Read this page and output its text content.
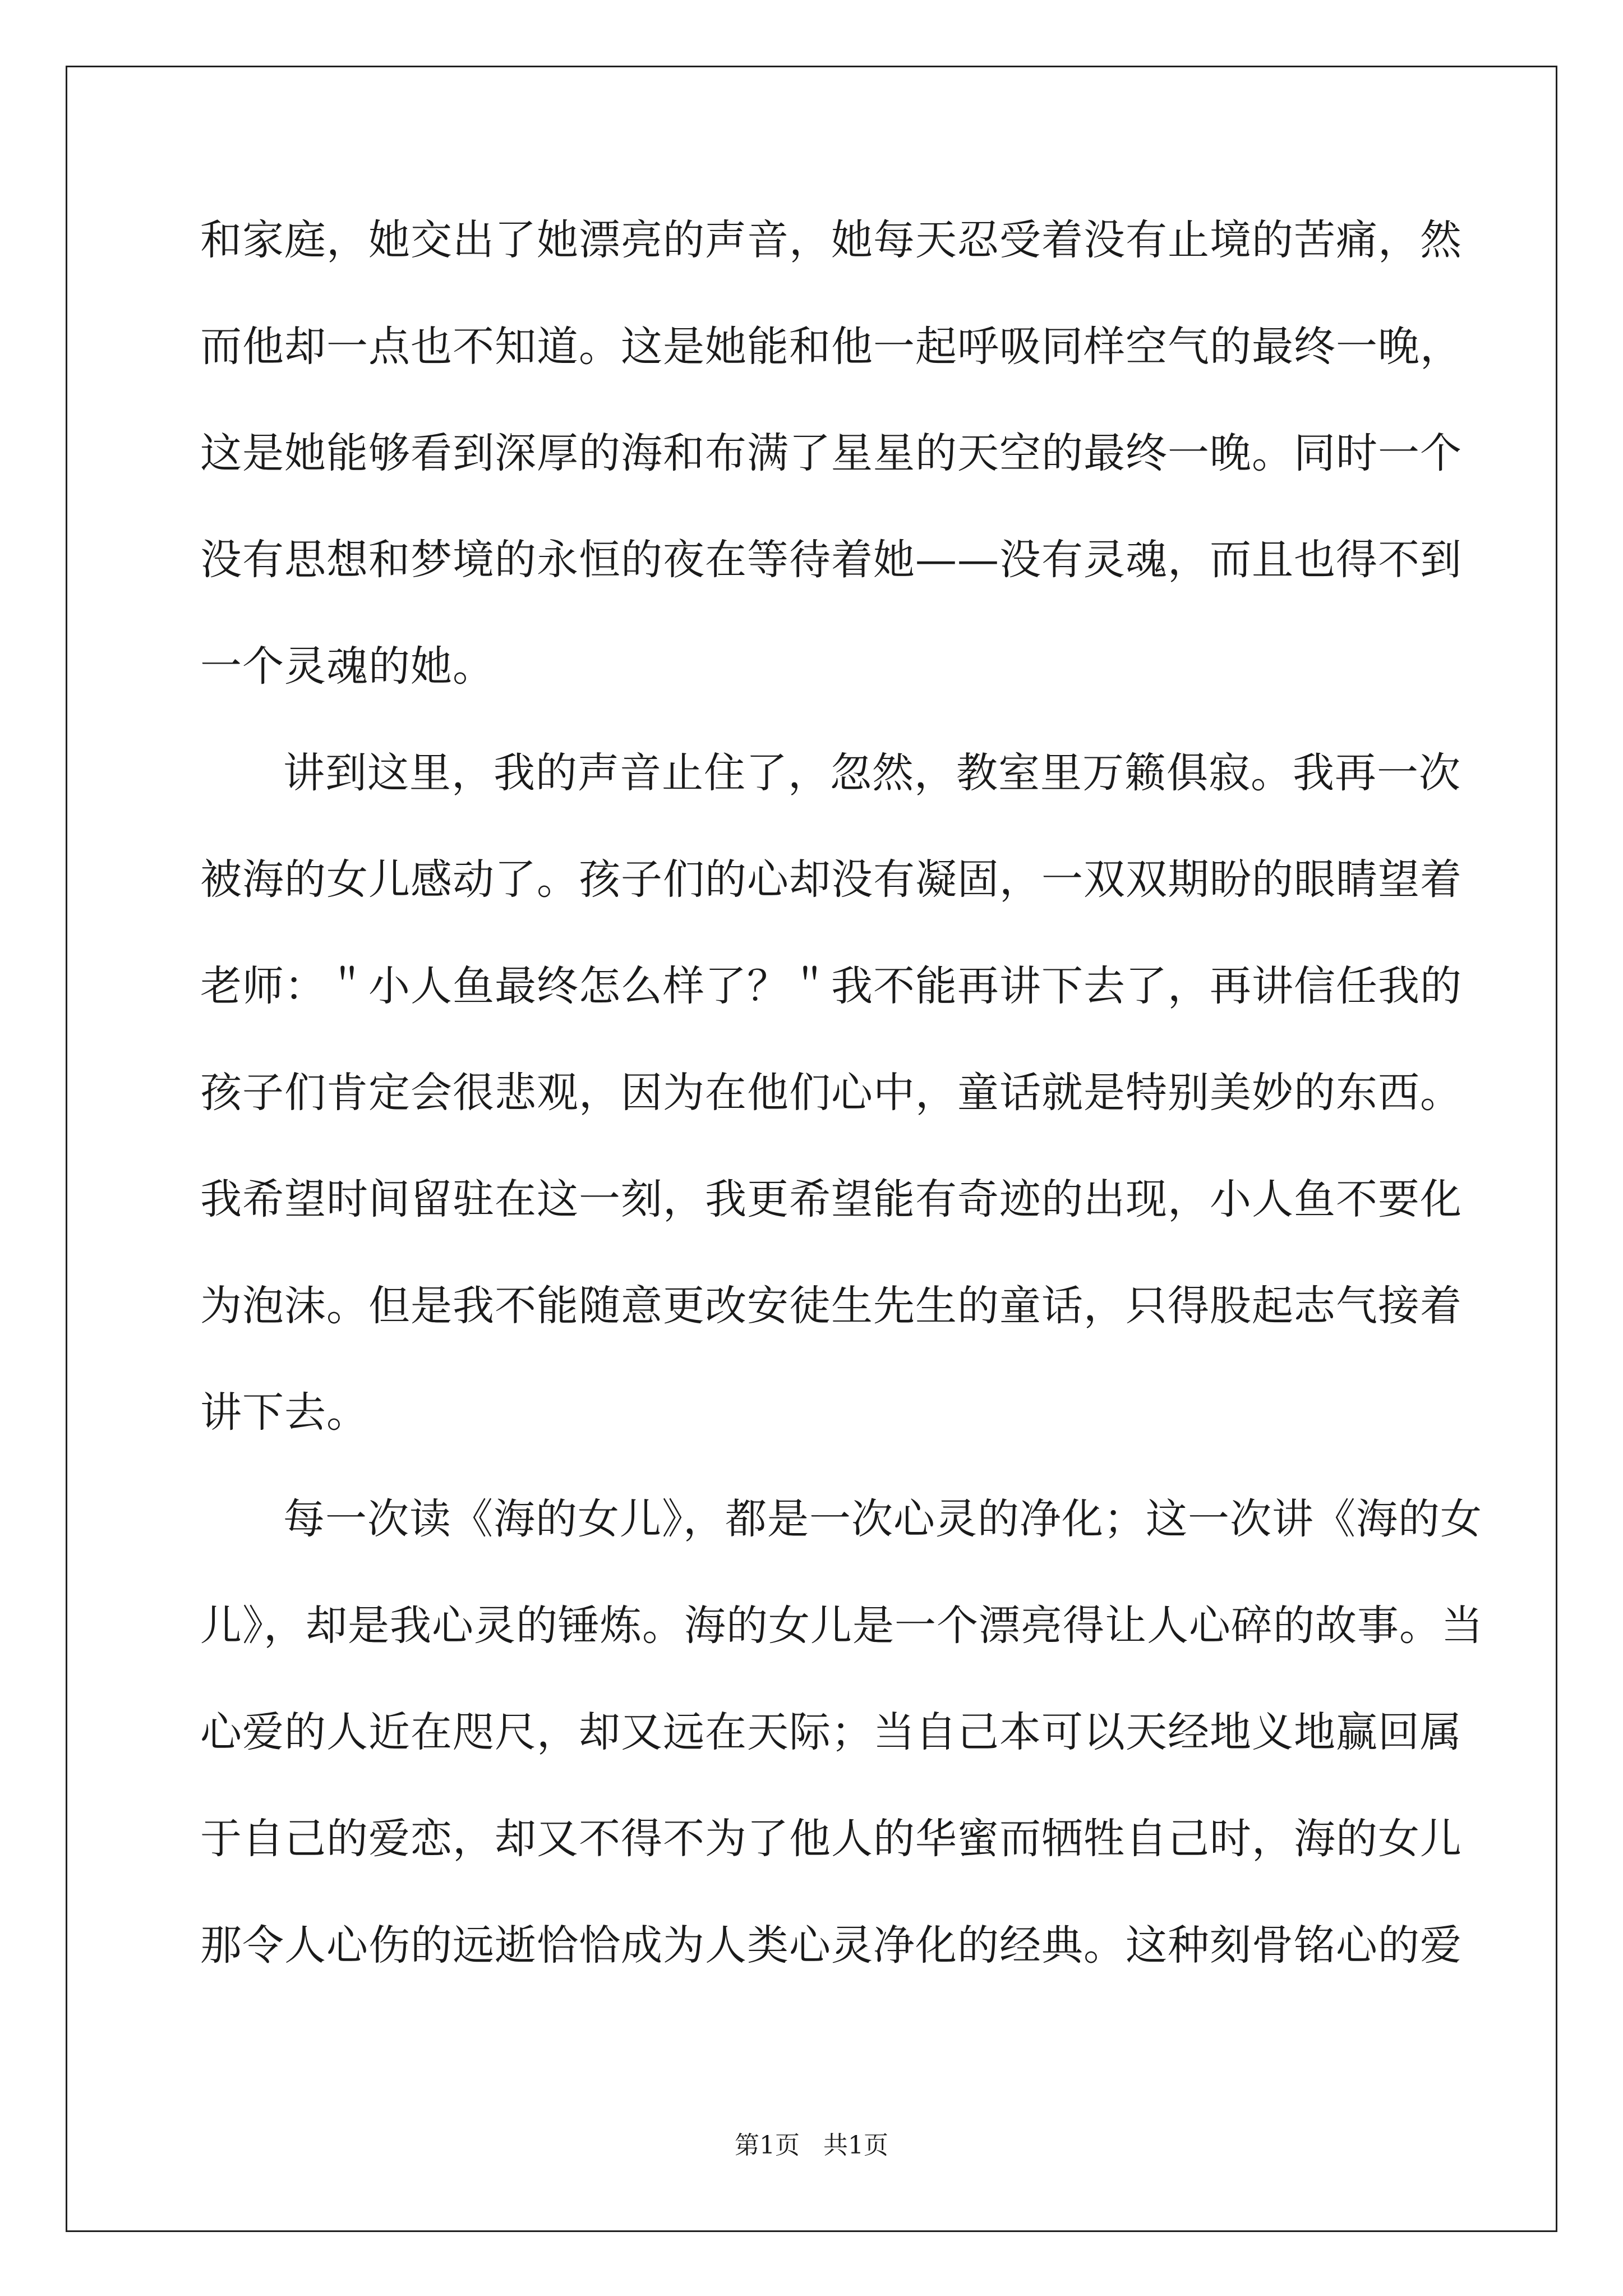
和家庭，她交出了她漂亮的声音，她每天忍受着没有止境的苦痛，然
而他却一点也不知道。这是她能和他一起呼吸同样空气的最终一晚，
这是她能够看到深厚的海和布满了星星的天空的最终一晚。同时一个
没有思想和梦境的永恒的夜在等待着她——没有灵魂，而且也得不到
一个灵魂的她。
讲到这里，我的声音止住了，忽然，教室里万籁俱寂。我再一次
被海的女儿感动了。孩子们的心却没有凝固，一双双期盼的眼睛望着
老师：＂小人鱼最终怎么样了？＂我不能再讲下去了，再讲信任我的
孩子们肯定会很悲观，因为在他们心中，童话就是特别美妙的东西。
我希望时间留驻在这一刻，我更希望能有奇迹的出现，小人鱼不要化
为泡沫。但是我不能随意更改安徒生先生的童话，只得股起志气接着
讲下去。
每一次读《海的女儿》，都是一次心灵的净化；这一次讲《海的女
儿》，却是我心灵的锤炼。海的女儿是一个漂亮得让人心碎的故事。当
心爱的人近在咫尺，却又远在天际；当自己本可以天经地义地赢回属
于自己的爱恋，却又不得不为了他人的华蜜而牺牲自己时，海的女儿
那令人心伤的远逝恰恰成为人类心灵净化的经典。这种刻骨铭心的爱
第1页   共1页
